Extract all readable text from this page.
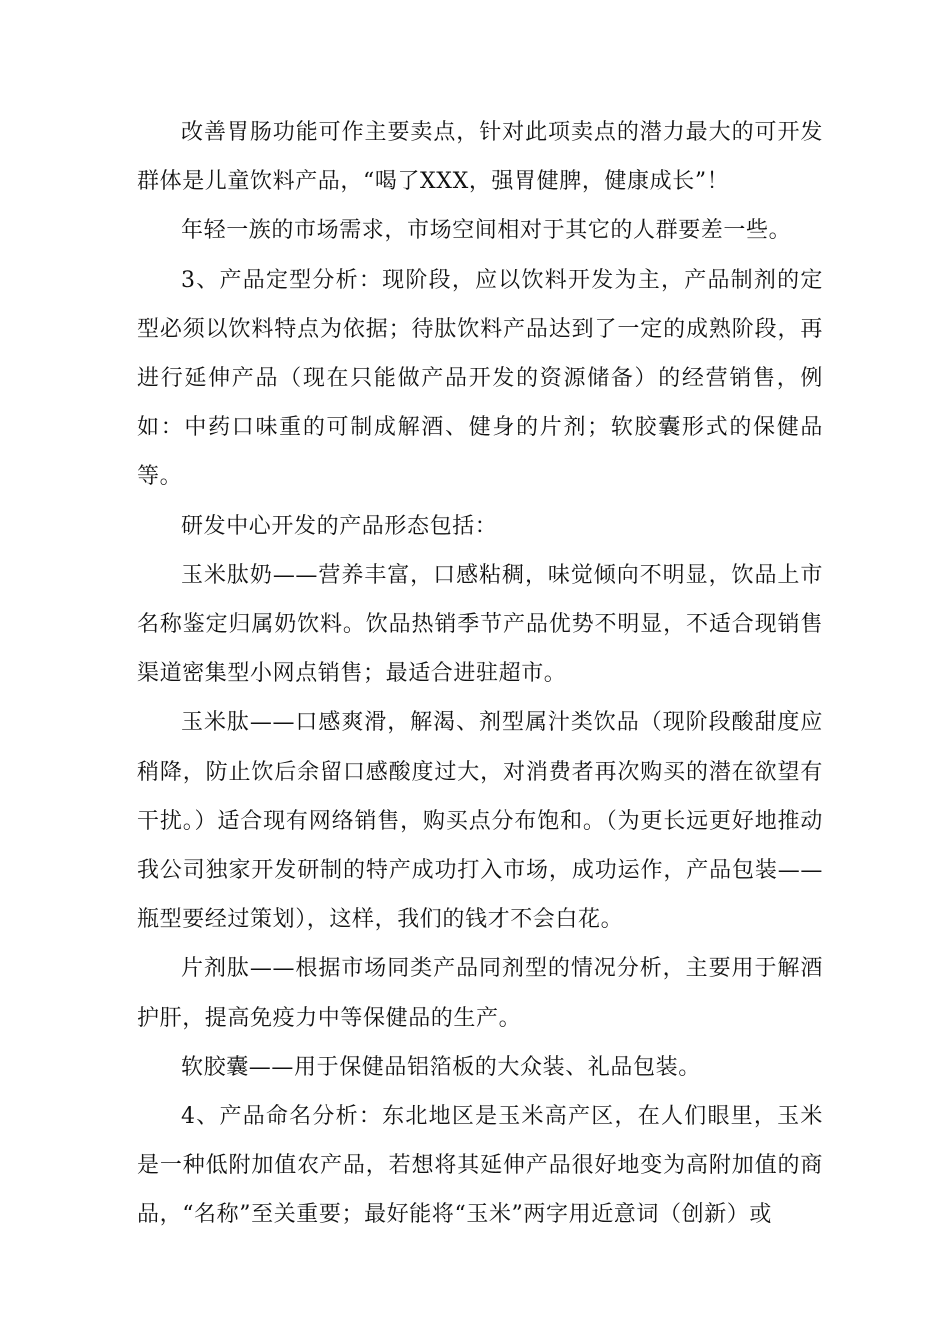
改善胃肠功能可作主要卖点，针对此项卖点的潜力最大的可开发群体是儿童饮料产品，“喝了XXX，强胃健脾，健康成长”！

年轻一族的市场需求，市场空间相对于其它的人群要差一些。

3、产品定型分析：现阶段，应以饮料开发为主，产品制剂的定型必须以饮料特点为依据；待肽饮料产品达到了一定的成熟阶段，再进行延伸产品（现在只能做产品开发的资源储备）的经营销售，例如：中药口味重的可制成解酒、健身的片剂；软胶囊形式的保健品等。

研发中心开发的产品形态包括：

玉米肽奶——营养丰富，口感粘稠，味觉倾向不明显，饮品上市名称鉴定归属奶饮料。饮品热销季节产品优势不明显，不适合现销售渠道密集型小网点销售；最适合进驻超市。

玉米肽——口感爽滑，解渴、剂型属汁类饮品（现阶段酸甜度应稍降，防止饮后余留口感酸度过大，对消费者再次购买的潜在欲望有干扰。）适合现有网络销售，购买点分布饱和。（为更长远更好地推动我公司独家开发研制的特产成功打入市场，成功运作，产品包装——瓶型要经过策划），这样，我们的钱才不会白花。

片剂肽——根据市场同类产品同剂型的情况分析，主要用于解酒护肝，提高免疫力中等保健品的生产。

软胶囊——用于保健品铝箔板的大众装、礼品包装。

4、产品命名分析：东北地区是玉米高产区，在人们眼里，玉米是一种低附加值农产品，若想将其延伸产品很好地变为高附加值的商品，“名称”至关重要；最好能将“玉米”两字用近意词（创新）或
